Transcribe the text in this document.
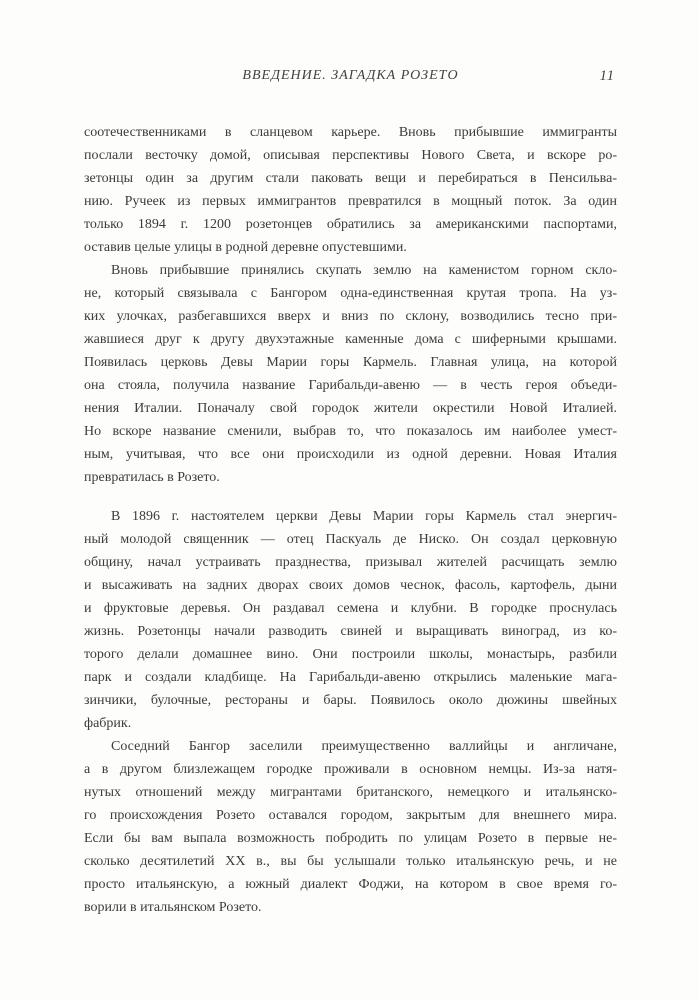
ВВЕДЕНИЕ. ЗАГАДКА РОЗЕТО	11
соотечественниками в сланцевом карьере. Вновь прибывшие иммигранты
послали весточку домой, описывая перспективы Нового Света, и вскоре ро-
зетонцы один за другим стали паковать вещи и перебираться в Пенсильва-
нию. Ручеек из первых иммигрантов превратился в мощный поток. За один
только 1894 г. 1200 розетонцев обратились за американскими паспортами,
оставив целые улицы в родной деревне опустевшими.
Вновь прибывшие принялись скупать землю на каменистом горном скло-
не, который связывала с Бангором одна-единственная крутая тропа. На уз-
ких улочках, разбегавшихся вверх и вниз по склону, возводились тесно при-
жавшиеся друг к другу двухэтажные каменные дома с шиферными крышами.
Появилась церковь Девы Марии горы Кармель. Главная улица, на которой
она стояла, получила название Гарибальди-авеню — в честь героя объеди-
нения Италии. Поначалу свой городок жители окрестили Новой Италией.
Но вскоре название сменили, выбрав то, что показалось им наиболее умест-
ным, учитывая, что все они происходили из одной деревни. Новая Италия
превратилась в Розето.
В 1896 г. настоятелем церкви Девы Марии горы Кармель стал энергич-
ный молодой священник — отец Паскуаль де Ниско. Он создал церковную
общину, начал устраивать празднества, призывал жителей расчищать землю
и высаживать на задних дворах своих домов чеснок, фасоль, картофель, дыни
и фруктовые деревья. Он раздавал семена и клубни. В городке проснулась
жизнь. Розетонцы начали разводить свиней и выращивать виноград, из ко-
торого делали домашнее вино. Они построили школы, монастырь, разбили
парк и создали кладбище. На Гарибальди-авеню открылись маленькие мага-
зинчики, булочные, рестораны и бары. Появилось около дюжины швейных
фабрик.
Соседний Бангор заселили преимущественно валлийцы и англичане,
а в другом близлежащем городке проживали в основном немцы. Из-за натя-
нутых отношений между мигрантами британского, немецкого и итальянско-
го происхождения Розето оставался городом, закрытым для внешнего мира.
Если бы вам выпала возможность побродить по улицам Розето в первые не-
сколько десятилетий XX в., вы бы услышали только итальянскую речь, и не
просто итальянскую, а южный диалект Фоджи, на котором в свое время го-
ворили в итальянском Розето.
